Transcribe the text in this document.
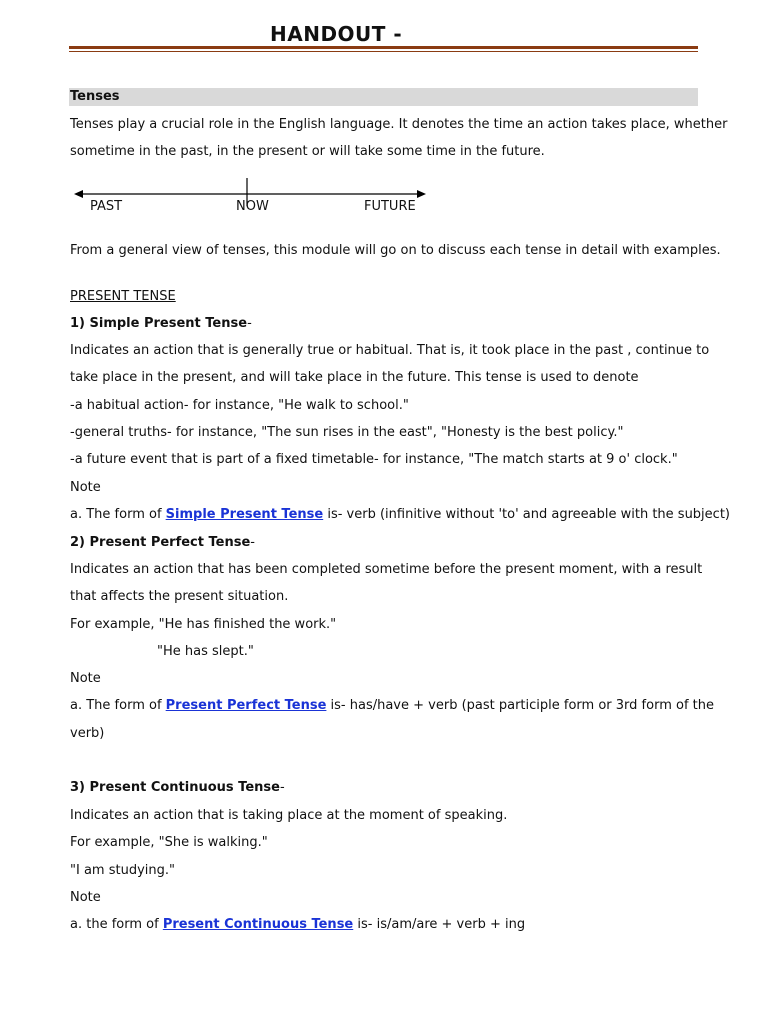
HANDOUT -
Tenses
Tenses play a crucial role in the English language. It denotes the time an action takes place, whether
sometime in the past, in the present or will take some time in the future.
PAST	NOW	FUTURE
From a general view of tenses, this module will go on to discuss each tense in detail with examples.
PRESENT TENSE
1) Simple Present Tense-
Indicates an action that is generally true or habitual. That is, it took place in the past , continue to
take place in the present, and will take place in the future. This tense is used to denote
-a habitual action- for instance, "He walk to school."
-general truths- for instance, "The sun rises in the east", "Honesty is the best policy."
-a future event that is part of a fixed timetable- for instance, "The match starts at 9 o' clock."
Note
a. The form of Simple Present Tense is- verb (infinitive without 'to' and agreeable with the subject)
2) Present Perfect Tense-
Indicates an action that has been completed sometime before the present moment, with a result
that affects the present situation.
For example, "He has finished the work."
"He has slept."
Note
a. The form of Present Perfect Tense is- has/have + verb (past participle form or 3rd form of the
verb)
3) Present Continuous Tense-
Indicates an action that is taking place at the moment of speaking.
For example, "She is walking."
"I am studying."
Note
a. the form of Present Continuous Tense is- is/am/are + verb + ing
